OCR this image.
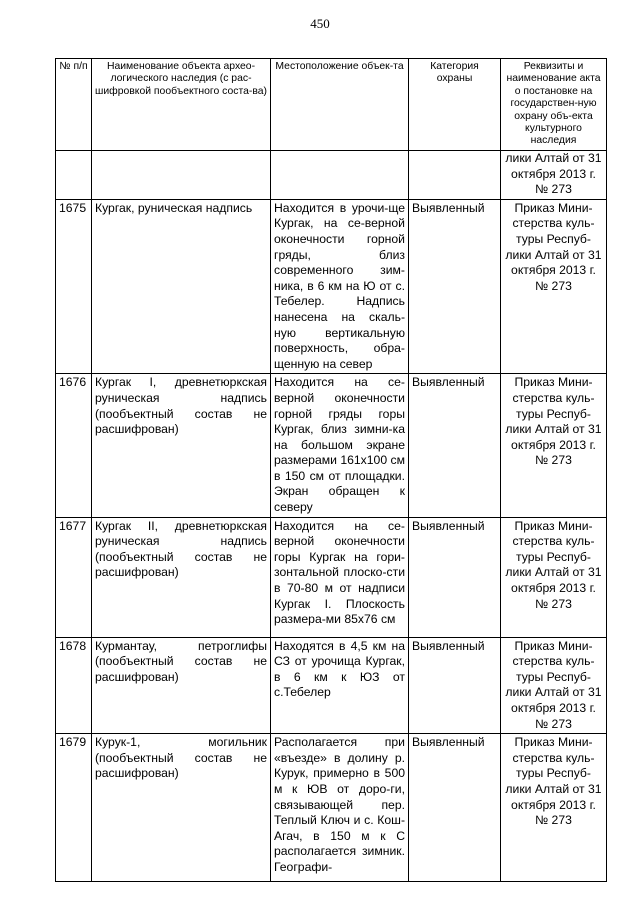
450
№ п/п	Наименование объекта архео-логического наследия (с рас-шифровкой пообъектного соста-ва)	Местоположение объек-та	Категория охраны	Реквизиты и наименование акта о постановке на государствен-ную охрану объ-екта культурного наследия
				лики Алтай от 31 октября 2013 г. № 273
1675	Кургак, руническая надпись	Находится в урочи-ще Кургак, на се-верной оконечности горной гряды, близ современного зим-ника, в 6 км на Ю от с. Тебелер. Надпись нанесена на скаль-ную вертикальную поверхность, обра-щенную на север	Выявленный	Приказ Мини-стерства куль-туры Респуб-лики Алтай от 31 октября 2013 г. № 273
1676	Кургак I, древнетюркская руническая надпись (пообъектный состав не расшифрован)	Находится на се-верной оконечности горной гряды горы Кургак, близ зимни-ка на большом экране размерами 161x100 см в 150 см от площадки. Экран обращен к северу	Выявленный	Приказ Мини-стерства куль-туры Респуб-лики Алтай от 31 октября 2013 г. № 273
1677	Кургак II, древнетюркская руническая надпись (пообъектный состав не расшифрован)	Находится на се-верной оконечности горы Кургак на гори-зонтальной плоско-сти в 70-80 м от надписи Кургак I. Плоскость размера-ми 85x76 см	Выявленный	Приказ Мини-стерства куль-туры Респуб-лики Алтай от 31 октября 2013 г. № 273
1678	Курмантау, петроглифы (пообъектный состав не расшифрован)	Находятся в 4,5 км на СЗ от урочища Кургак, в 6 км к ЮЗ от с.Тебелер	Выявленный	Приказ Мини-стерства куль-туры Респуб-лики Алтай от 31 октября 2013 г. № 273
1679	Курук-1, могильник (пообъектный состав не расшифрован)	Располагается при «въезде» в долину р. Курук, примерно в 500 м к ЮВ от доро-ги, связывающей пер. Теплый Ключ и с. Кош-Агач, в 150 м к С располагается зимник. Географи-	Выявленный	Приказ Мини-стерства куль-туры Респуб-лики Алтай от 31 октября 2013 г. № 273
